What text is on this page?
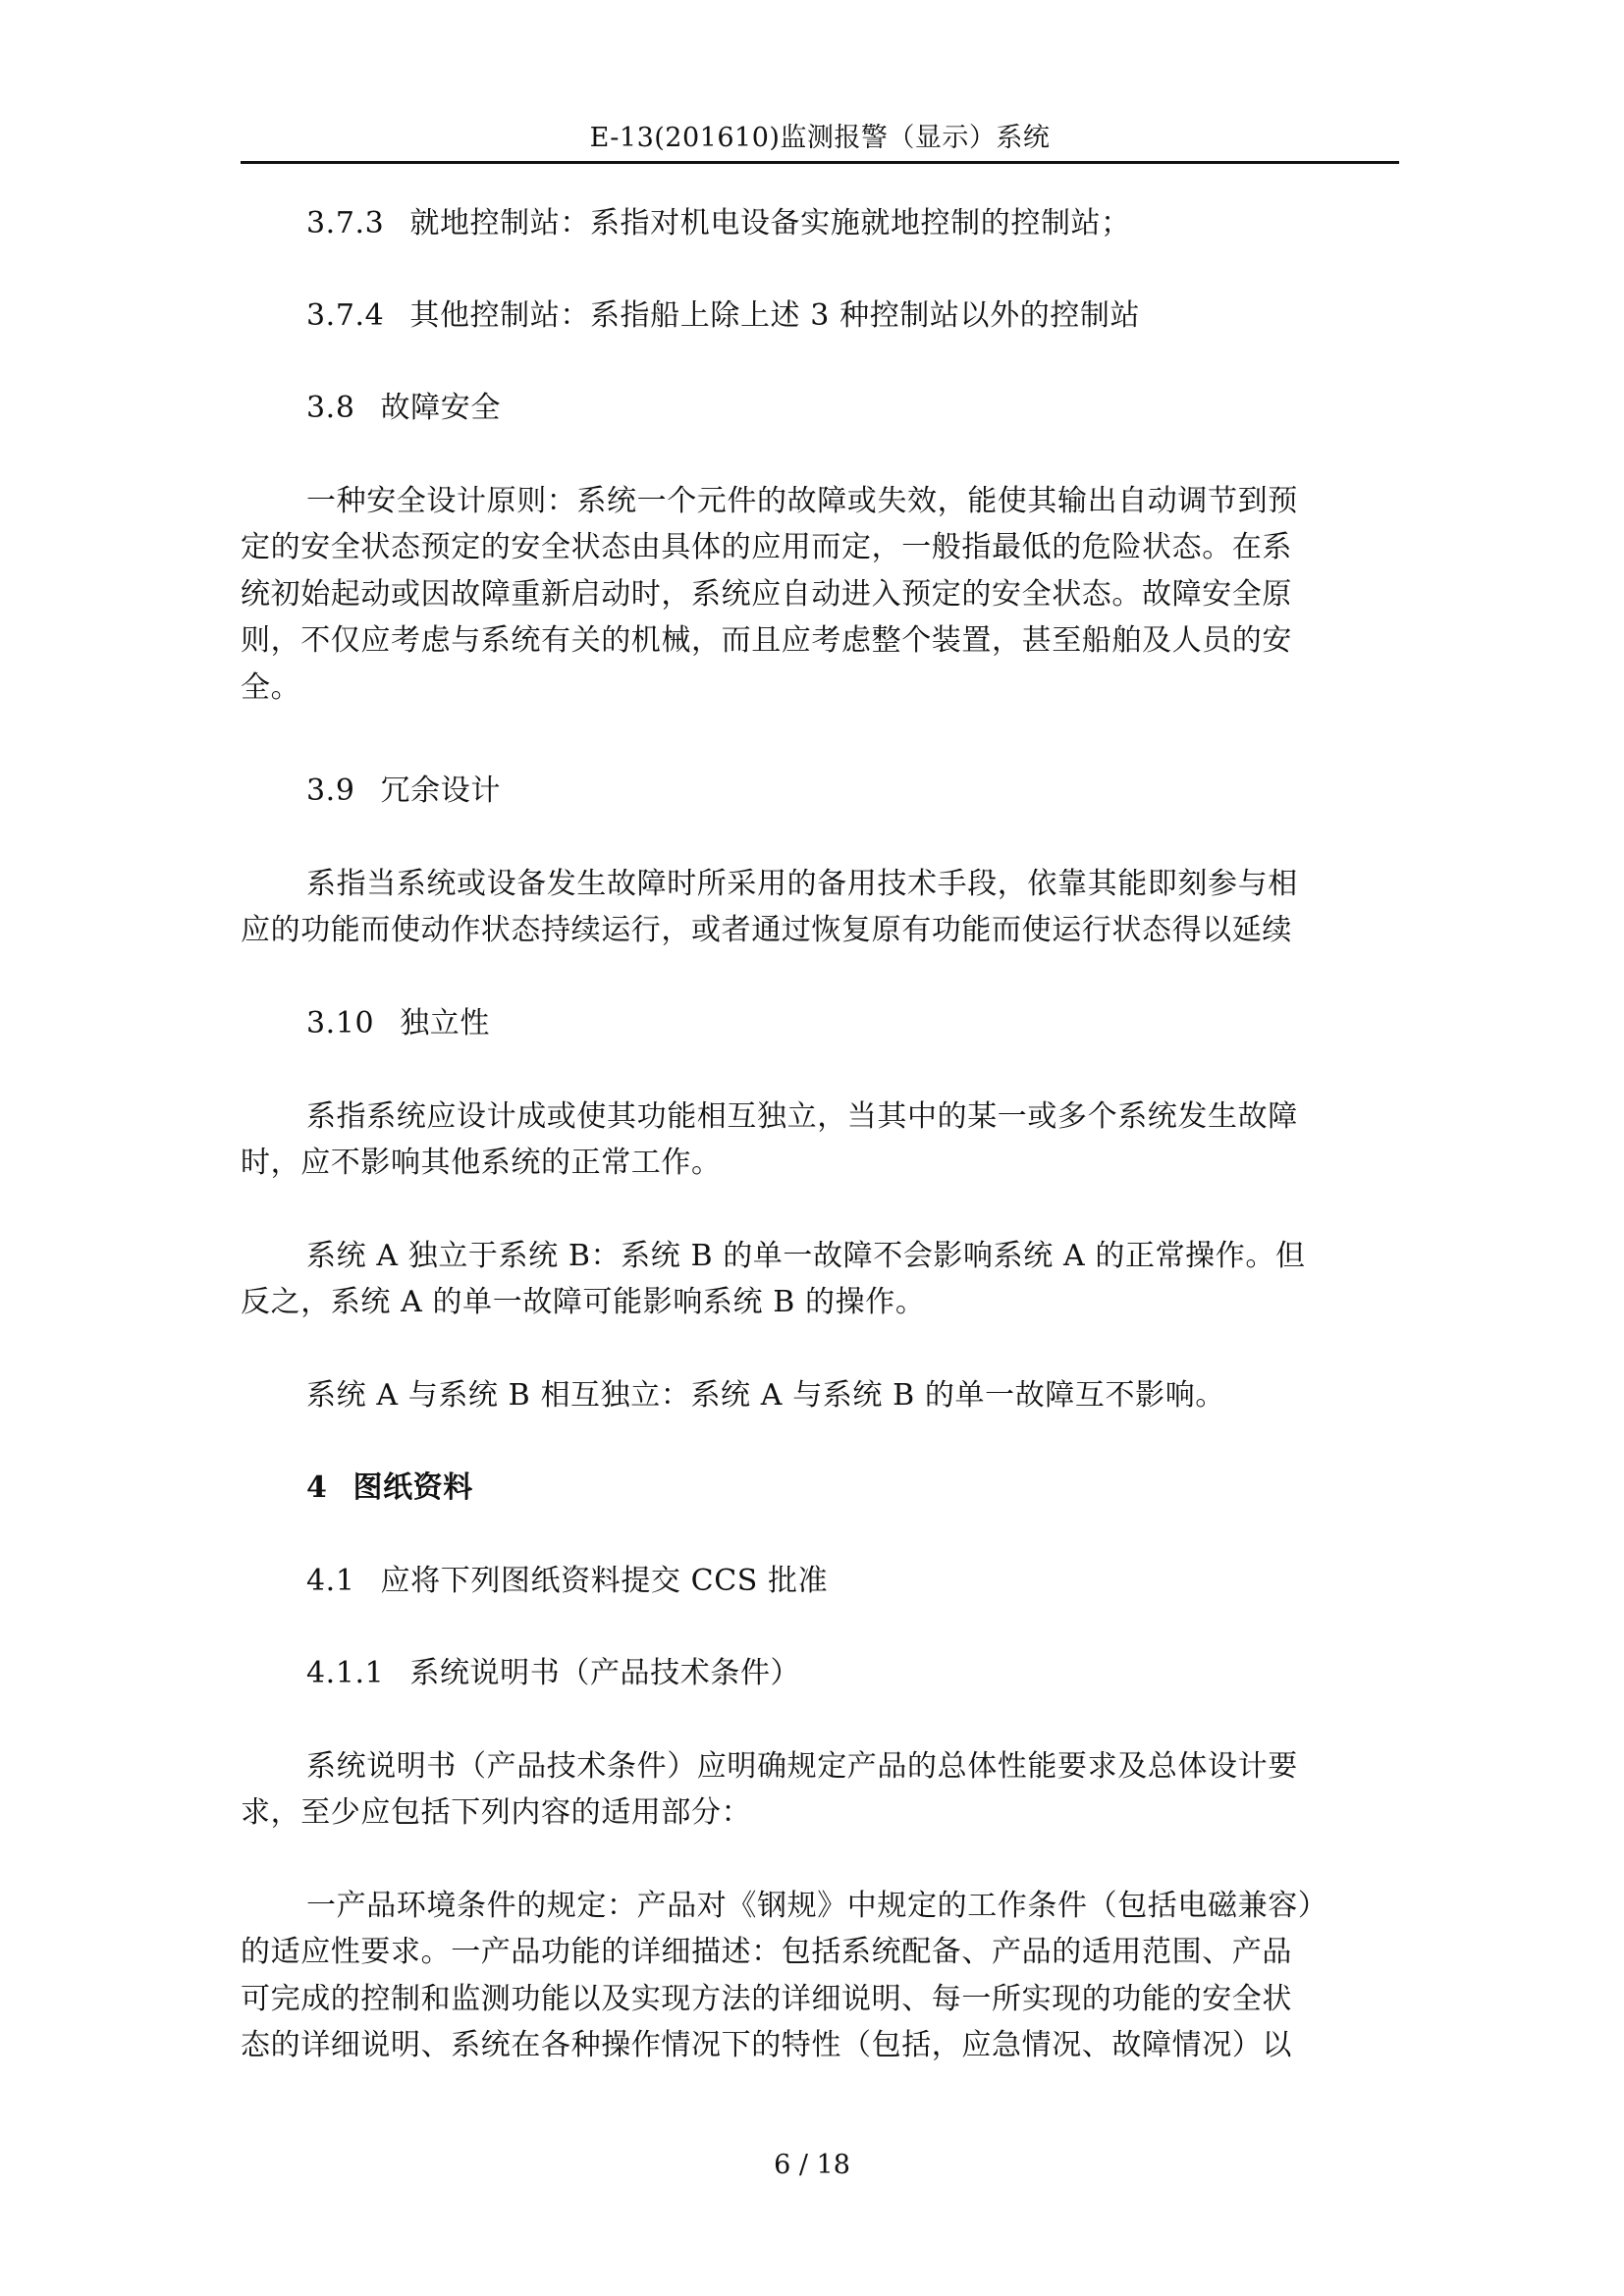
E-13(201610)监测报警（显示）系统
3.7.3 就地控制站：系指对机电设备实施就地控制的控制站；
3.7.4 其他控制站：系指船上除上述 3 种控制站以外的控制站
3.8 故障安全
一种安全设计原则：系统一个元件的故障或失效，能使其输出自动调节到预
定的安全状态预定的安全状态由具体的应用而定，一般指最低的危险状态。在系
统初始起动或因故障重新启动时，系统应自动进入预定的安全状态。故障安全原
则，不仅应考虑与系统有关的机械，而且应考虑整个装置，甚至船舶及人员的安
全。
3.9 冗余设计
系指当系统或设备发生故障时所采用的备用技术手段，依靠其能即刻参与相
应的功能而使动作状态持续运行，或者通过恢复原有功能而使运行状态得以延续
3.10 独立性
系指系统应设计成或使其功能相互独立，当其中的某一或多个系统发生故障
时，应不影响其他系统的正常工作。
系统 A 独立于系统 B：系统 B 的单一故障不会影响系统 A 的正常操作。但
反之，系统 A 的单一故障可能影响系统 B 的操作。
系统 A 与系统 B 相互独立：系统 A 与系统 B 的单一故障互不影响。
4 图纸资料
4.1 应将下列图纸资料提交 CCS 批准
4.1.1 系统说明书（产品技术条件）
系统说明书（产品技术条件）应明确规定产品的总体性能要求及总体设计要
求，至少应包括下列内容的适用部分：
一产品环境条件的规定：产品对《钢规》中规定的工作条件（包括电磁兼容）
的适应性要求。一产品功能的详细描述：包括系统配备、产品的适用范围、产品
可完成的控制和监测功能以及实现方法的详细说明、每一所实现的功能的安全状
态的详细说明、系统在各种操作情况下的特性（包括，应急情况、故障情况）以
6 / 18
